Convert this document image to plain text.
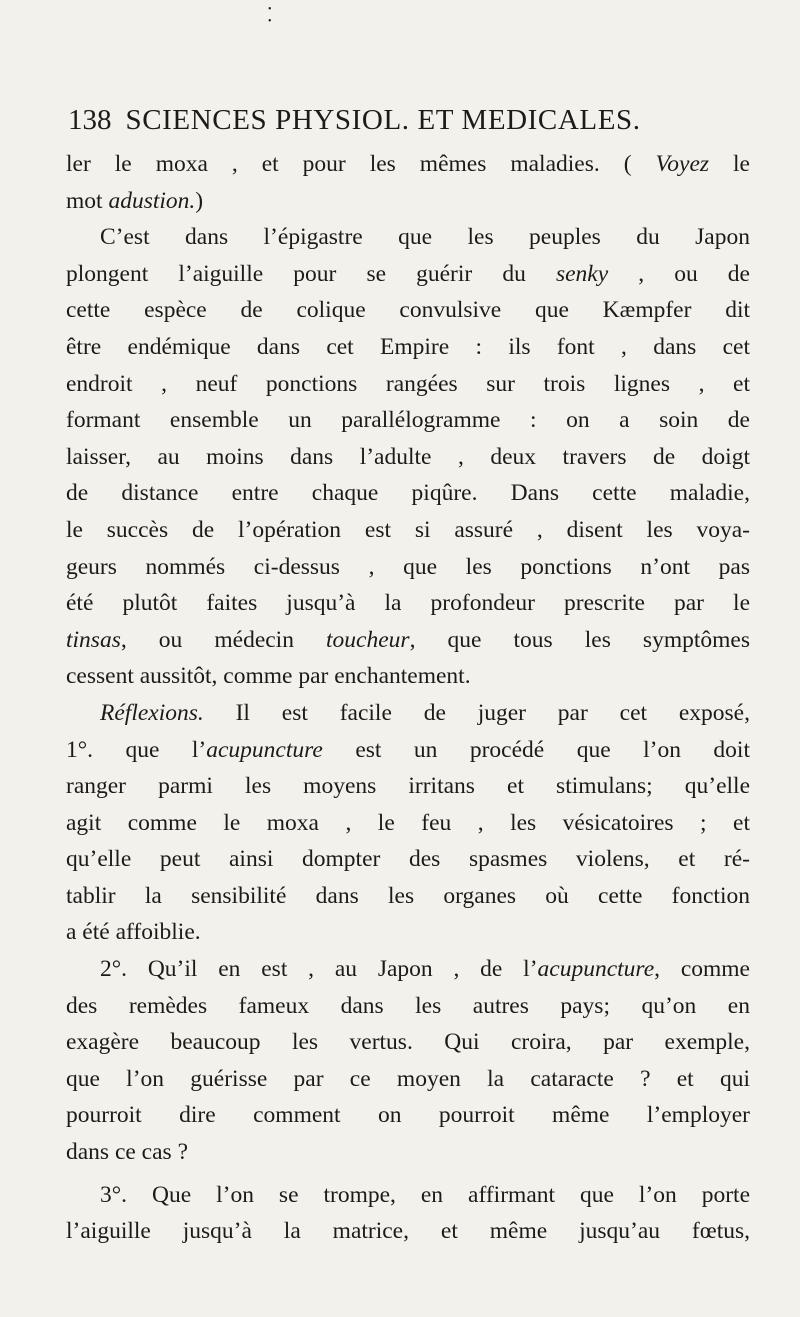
•
•
138 SCIENCES PHYSIOL. ET MEDICALES.
ler le moxa , et pour les mêmes maladies. ( Voyez le
mot adustion.)
C’est dans l’épigastre que les peuples du Japon
plongent l’aiguille pour se guérir du senky , ou de
cette espèce de colique convulsive que Kæmpfer dit
être endémique dans cet Empire : ils font , dans cet
endroit , neuf ponctions rangées sur trois lignes , et
formant ensemble un parallélogramme : on a soin de
laisser, au moins dans l’adulte , deux travers de doigt
de distance entre chaque piqûre. Dans cette maladie,
le succès de l’opération est si assuré , disent les voya-
geurs nommés ci-dessus , que les ponctions n’ont pas
été plutôt faites jusqu’à la profondeur prescrite par le
tinsas, ou médecin toucheur, que tous les symptômes
cessent aussitôt, comme par enchantement.
Réflexions. Il est facile de juger par cet exposé,
1°. que l’acupuncture est un procédé que l’on doit
ranger parmi les moyens irritans et stimulans; qu’elle
agit comme le moxa , le feu , les vésicatoires ; et
qu’elle peut ainsi dompter des spasmes violens, et ré-
tablir la sensibilité dans les organes où cette fonction
a été affoiblie.
2°. Qu’il en est , au Japon , de l’acupuncture, comme
des remèdes fameux dans les autres pays; qu’on en
exagère beaucoup les vertus. Qui croira, par exemple,
que l’on guérisse par ce moyen la cataracte ? et qui
pourroit dire comment on pourroit même l’employer
dans ce cas ?
3°. Que l’on se trompe, en affirmant que l’on porte
l’aiguille jusqu’à la matrice, et même jusqu’au fœtus,
